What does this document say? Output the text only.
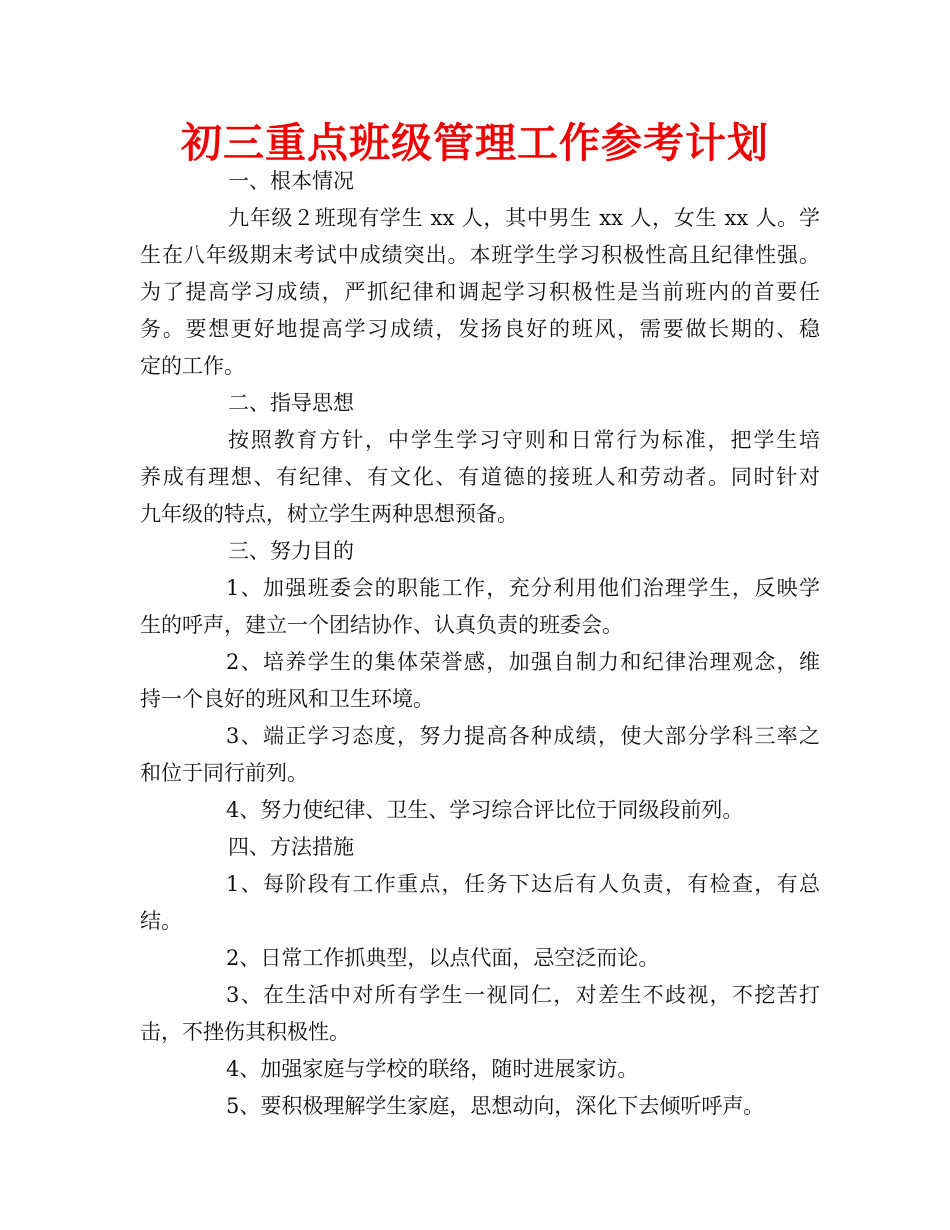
初三重点班级管理工作参考计划
一、根本情况
九年级２班现有学生 xx 人，其中男生 xx 人，女生 xx 人。学
生在八年级期末考试中成绩突出。本班学生学习积极性高且纪律性强。
为了提高学习成绩，严抓纪律和调起学习积极性是当前班内的首要任
务。要想更好地提高学习成绩，发扬良好的班风，需要做长期的、稳
定的工作。
二、指导思想
按照教育方针，中学生学习守则和日常行为标准，把学生培
养成有理想、有纪律、有文化、有道德的接班人和劳动者。同时针对
九年级的特点，树立学生两种思想预备。
三、努力目的
1、加强班委会的职能工作，充分利用他们治理学生，反映学
生的呼声，建立一个团结协作、认真负责的班委会。
2、培养学生的集体荣誉感，加强自制力和纪律治理观念，维
持一个良好的班风和卫生环境。
3、端正学习态度，努力提高各种成绩，使大部分学科三率之
和位于同行前列。
4、努力使纪律、卫生、学习综合评比位于同级段前列。
四、方法措施
1、每阶段有工作重点，任务下达后有人负责，有检查，有总
结。
2、日常工作抓典型，以点代面，忌空泛而论。
3、在生活中对所有学生一视同仁，对差生不歧视，不挖苦打
击，不挫伤其积极性。
4、加强家庭与学校的联络，随时进展家访。
5、要积极理解学生家庭，思想动向，深化下去倾听呼声。
